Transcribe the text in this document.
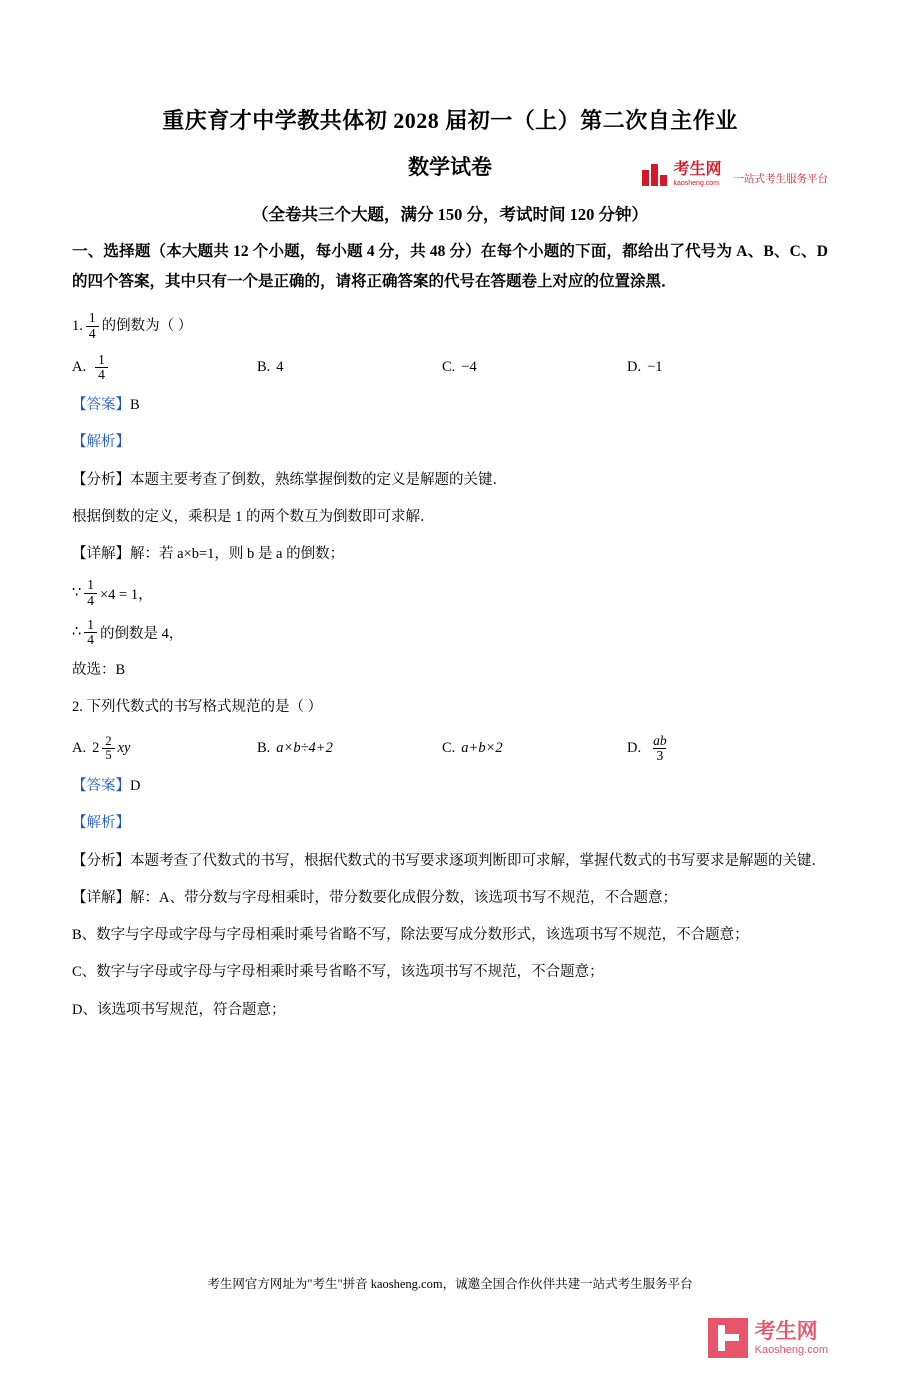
考生网
kaosheng.com 一站式考生服务平台
重庆育才中学教共体初 2028 届初一（上）第二次自主作业
数学试卷
（全卷共三个大题，满分 150 分，考试时间 120 分钟）
一、选择题（本大题共 12 个小题，每小题 4 分，共 48 分）在每个小题的下面，都给出了代号为 A、B、C、D 的四个答案，其中只有一个是正确的，请将正确答案的代号在答题卷上对应的位置涂黑．
1. $\frac{1}{4}$ 的倒数为（ ）
A. $\frac{1}{4}$	B. 4	C. −4	D. −1

【答案】B

【解析】

【分析】本题主要考查了倒数，熟练掌握倒数的定义是解题的关键．

根据倒数的定义，乘积是 1 的两个数互为倒数即可求解．

【详解】解：若 a×b=1，则 b 是 a 的倒数；

∵ $\frac{1}{4} \times 4 = 1$，
∴ $\frac{1}{4}$ 的倒数是 4，

故选：B

2. 下列代数式的书写格式规范的是（ ）

A. $2 \frac{2}{5}$ xy	B. a×b÷4+2	C. a+b×2	D. $\frac{ab}{3}$

【答案】D

【解析】

【分析】本题考查了代数式的书写，根据代数式的书写要求逐项判断即可求解，掌握代数式的书写要求是解题的关键．

【详解】解：A、带分数与字母相乘时，带分数要化成假分数，该选项书写不规范，不合题意；

B、数字与字母或字母与字母相乘时乘号省略不写，除法要写成分数形式，该选项书写不规范，不合题意；

C、数字与字母或字母与字母相乘时乘号省略不写，该选项书写不规范，不合题意；

D、该选项书写规范，符合题意；

考生网官方网址为"考生"拼音 kaosheng.com，诚邀全国合作伙伴共建一站式考生服务平台
考生网
Kaosheng.com
